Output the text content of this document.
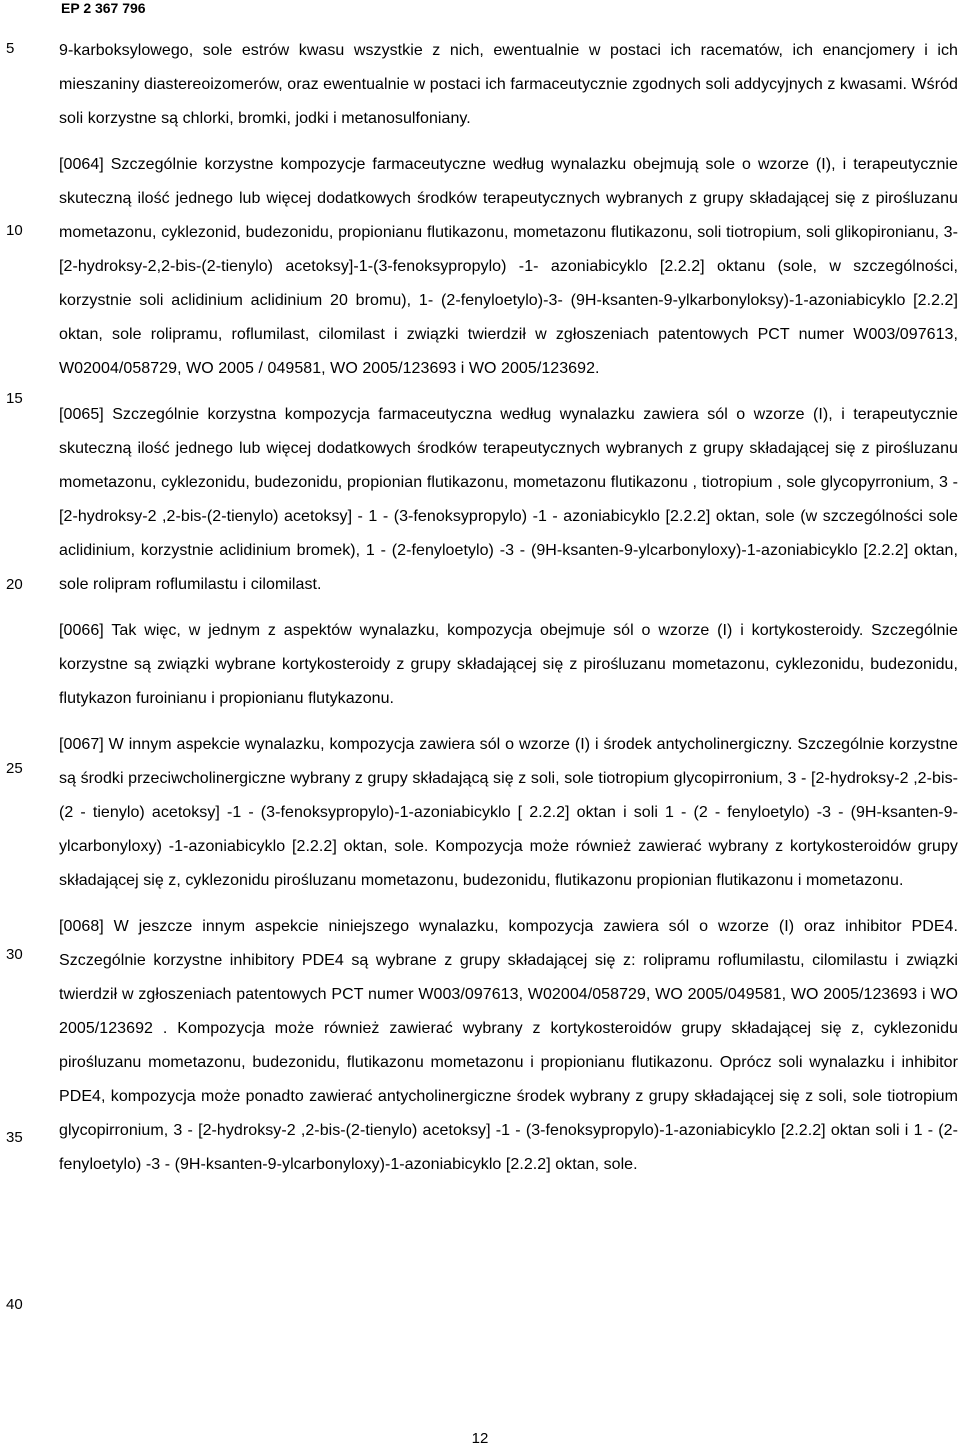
EP 2 367 796
5
10
15
20
25
30
35
40

9-karboksylowego, sole estrów kwasu wszystkie z nich, ewentualnie w postaci ich racematów, ich enancjomery i ich mieszaniny diastereoizomerów, oraz ewentualnie w postaci ich farmaceutycznie zgodnych soli addycyjnych z kwasami. Wśród soli korzystne są chlorki, bromki, jodki i metanosulfoniany.

[0064] Szczególnie korzystne kompozycje farmaceutyczne według wynalazku obejmują sole o wzorze (I), i terapeutycznie skuteczną ilość jednego lub więcej dodatkowych środków terapeutycznych wybranych z grupy składającej się z pirośluzanu mometazonu, cyklezonid, budezonidu, propionianu flutikazonu, mometazonu flutikazonu, soli tiotropium, soli glikopironianu, 3-[2-hydroksy-2,2-bis-(2-tienylo) acetoksy]-1-(3-fenoksypropylo) -1- azoniabicyklo [2.2.2] oktanu (sole, w szczególności, korzystnie soli aclidinium aclidinium 20 bromu), 1- (2-fenyloetylo)-3- (9H-ksanten-9-ylkarbonyloksy)-1-azoniabicyklo [2.2.2] oktan, sole rolipramu, roflumilast, cilomilast i związki twierdził w zgłoszeniach patentowych PCT numer W003/097613, W02004/058729, WO 2005 / 049581, WO 2005/123693 i WO 2005/123692.

[0065] Szczególnie korzystna kompozycja farmaceutyczna według wynalazku zawiera sól o wzorze (I), i terapeutycznie skuteczną ilość jednego lub więcej dodatkowych środków terapeutycznych wybranych z grupy składającej się z pirośluzanu mometazonu, cyklezonidu, budezonidu, propionian flutikazonu, mometazonu flutikazonu , tiotropium , sole glycopyrronium, 3 - [2-hydroksy-2 ,2-bis-(2-tienylo) acetoksy] - 1 - (3-fenoksypropylo) -1 - azoniabicyklo [2.2.2] oktan, sole (w szczególności sole aclidinium, korzystnie aclidinium bromek), 1 - (2-fenyloetylo) -3 - (9H-ksanten-9-ylcarbonyloxy)-1-azoniabicyklo [2.2.2] oktan, sole rolipram roflumilastu i cilomilast.

[0066] Tak więc, w jednym z aspektów wynalazku, kompozycja obejmuje sól o wzorze (I) i kortykosteroidy. Szczególnie korzystne są związki wybrane kortykosteroidy z grupy składającej się z pirośluzanu mometazonu, cyklezonidu, budezonidu, flutykazon furoinianu i propionianu flutykazonu.

[0067] W innym aspekcie wynalazku, kompozycja zawiera sól o wzorze (I) i środek antycholinergiczny. Szczególnie korzystne są środki przeciwcholinergiczne wybrany z grupy składającą się z soli, sole tiotropium glycopirronium, 3 - [2-hydroksy-2 ,2-bis-(2 - tienylo) acetoksy] -1 - (3-fenoksypropylo)-1-azoniabicyklo [ 2.2.2] oktan i soli 1 - (2 - fenyloetylo) -3 - (9H-ksanten-9-ylcarbonyloxy) -1-azoniabicyklo [2.2.2] oktan, sole. Kompozycja może również zawierać wybrany z kortykosteroidów grupy składającej się z, cyklezonidu pirośluzanu mometazonu, budezonidu, flutikazonu propionian flutikazonu i mometazonu.

[0068] W jeszcze innym aspekcie niniejszego wynalazku, kompozycja zawiera sól o wzorze (I) oraz inhibitor PDE4. Szczególnie korzystne inhibitory PDE4 są wybrane z grupy składającej się z: rolipramu roflumilastu, cilomilastu i związki twierdził w zgłoszeniach patentowych PCT numer W003/097613, W02004/058729, WO 2005/049581, WO 2005/123693 i WO 2005/123692 . Kompozycja może również zawierać wybrany z kortykosteroidów grupy składającej się z, cyklezonidu pirośluzanu mometazonu, budezonidu, flutikazonu mometazonu i propionianu flutikazonu. Oprócz soli wynalazku i inhibitor PDE4, kompozycja może ponadto zawierać antycholinergiczne środek wybrany z grupy składającej się z soli, sole tiotropium glycopirronium, 3 - [2-hydroksy-2 ,2-bis-(2-tienylo) acetoksy] -1 - (3-fenoksypropylo)-1-azoniabicyklo [2.2.2] oktan soli i 1 - (2-fenyloetylo) -3 - (9H-ksanten-9-ylcarbonyloxy)-1-azoniabicyklo [2.2.2] oktan, sole.

12
